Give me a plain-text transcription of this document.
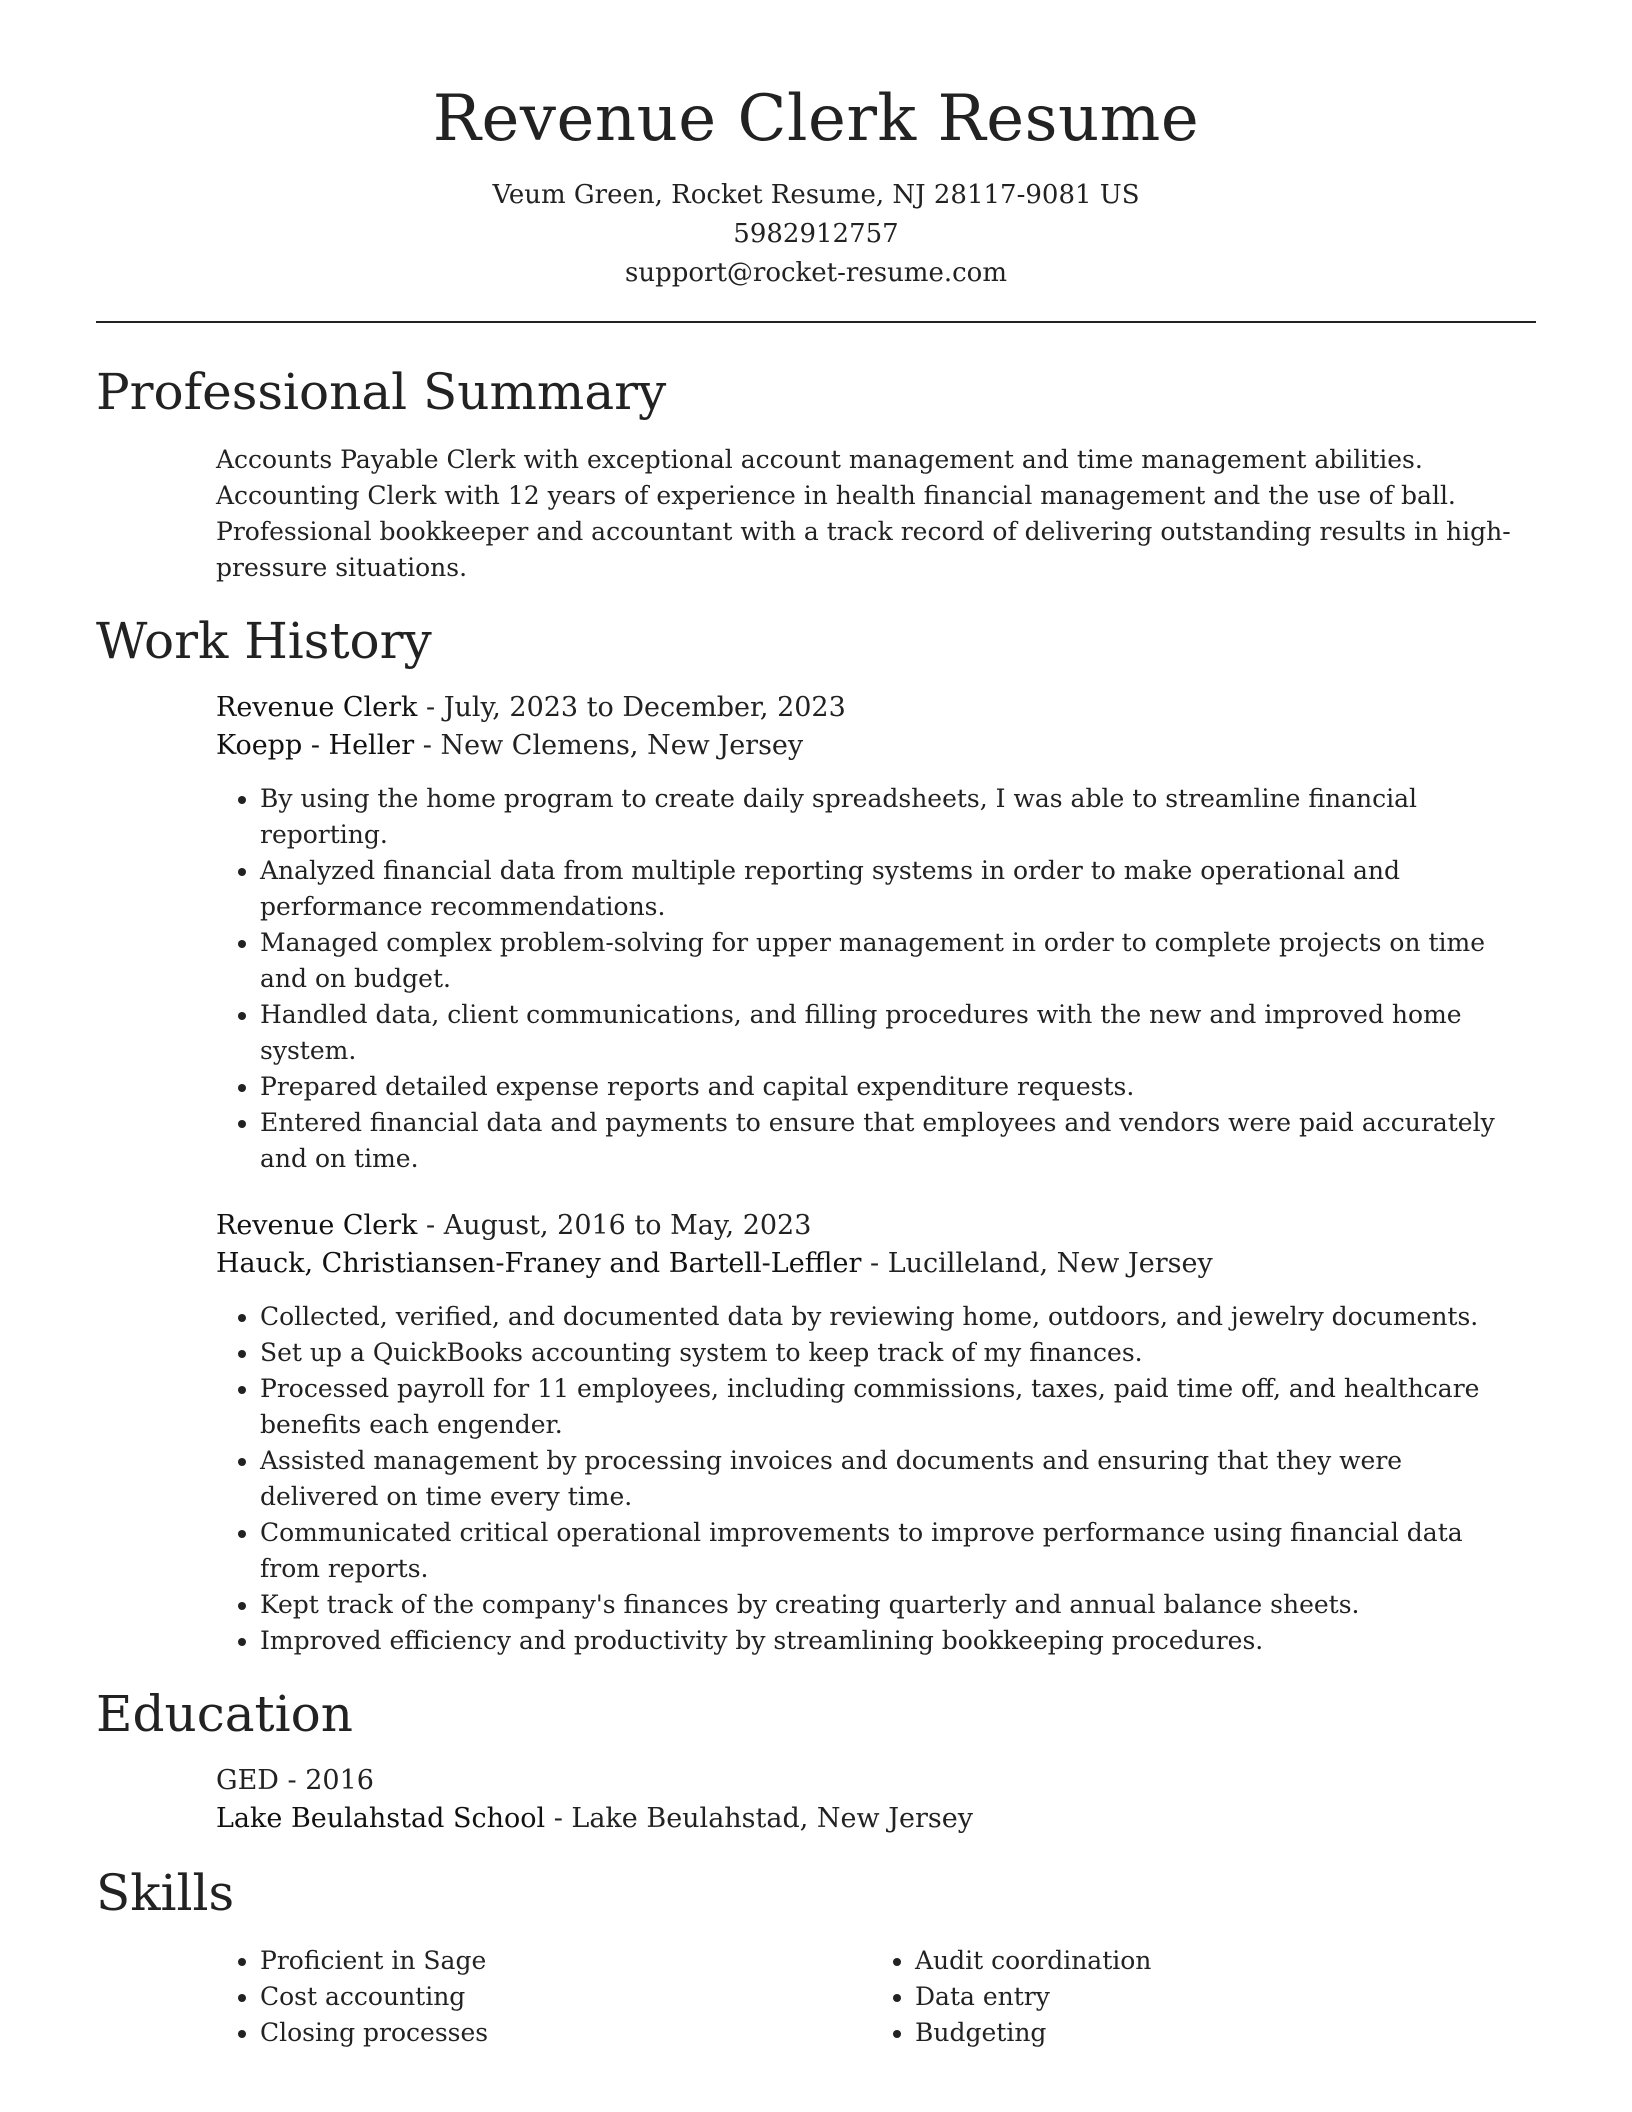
Revenue Clerk Resume
Veum Green, Rocket Resume, NJ 28117-9081 US
5982912757
support@rocket-resume.com
Professional Summary
Accounts Payable Clerk with exceptional account management and time management abilities. Accounting Clerk with 12 years of experience in health financial management and the use of ball. Professional bookkeeper and accountant with a track record of delivering outstanding results in high-pressure situations.
Work History
Revenue Clerk - July, 2023 to December, 2023
Koepp - Heller - New Clemens, New Jersey
• By using the home program to create daily spreadsheets, I was able to streamline financial reporting.
• Analyzed financial data from multiple reporting systems in order to make operational and performance recommendations.
• Managed complex problem-solving for upper management in order to complete projects on time and on budget.
• Handled data, client communications, and filling procedures with the new and improved home system.
• Prepared detailed expense reports and capital expenditure requests.
• Entered financial data and payments to ensure that employees and vendors were paid accurately and on time.
Revenue Clerk - August, 2016 to May, 2023
Hauck, Christiansen-Franey and Bartell-Leffler - Lucilleland, New Jersey
• Collected, verified, and documented data by reviewing home, outdoors, and jewelry documents.
• Set up a QuickBooks accounting system to keep track of my finances.
• Processed payroll for 11 employees, including commissions, taxes, paid time off, and healthcare benefits each engender.
• Assisted management by processing invoices and documents and ensuring that they were delivered on time every time.
• Communicated critical operational improvements to improve performance using financial data from reports.
• Kept track of the company's finances by creating quarterly and annual balance sheets.
• Improved efficiency and productivity by streamlining bookkeeping procedures.
Education
GED - 2016
Lake Beulahstad School - Lake Beulahstad, New Jersey
Skills
• Proficient in Sage
• Cost accounting
• Closing processes
• Audit coordination
• Data entry
• Budgeting
